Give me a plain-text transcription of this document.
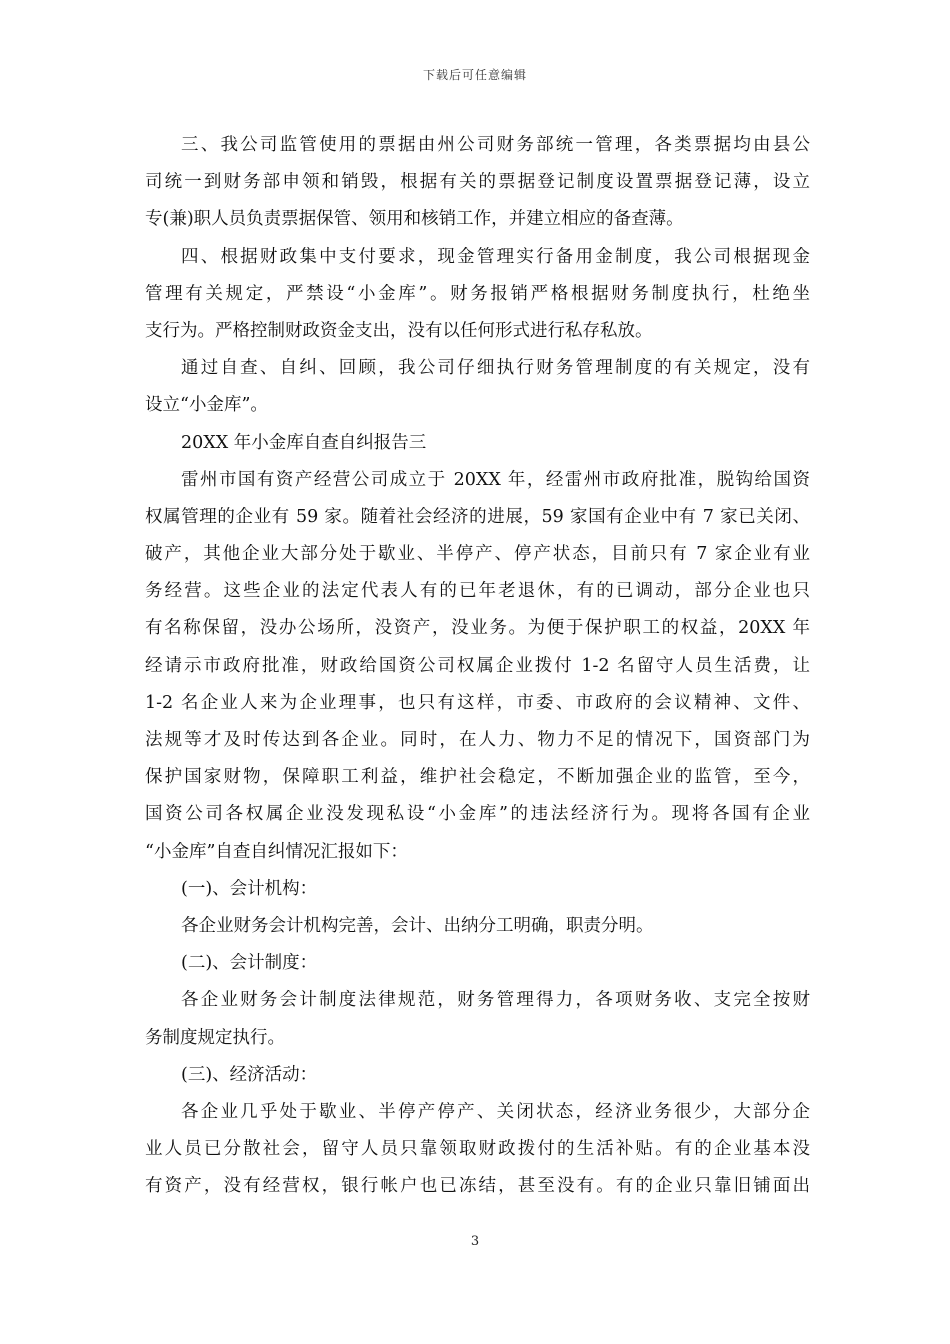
下载后可任意编辑
三、我公司监管使用的票据由州公司财务部统一管理，各类票据均由县公
司统一到财务部申领和销毁，根据有关的票据登记制度设置票据登记薄，设立
专(兼)职人员负责票据保管、领用和核销工作，并建立相应的备查薄。
四、根据财政集中支付要求，现金管理实行备用金制度，我公司根据现金
管理有关规定，严禁设“小金库”。财务报销严格根据财务制度执行，杜绝坐
支行为。严格控制财政资金支出，没有以任何形式进行私存私放。
通过自查、自纠、回顾，我公司仔细执行财务管理制度的有关规定，没有
设立“小金库”。
20XX 年小金库自查自纠报告三
雷州市国有资产经营公司成立于 20XX 年，经雷州市政府批准，脱钩给国资
权属管理的企业有 59 家。随着社会经济的进展，59 家国有企业中有 7 家已关闭、
破产，其他企业大部分处于歇业、半停产、停产状态，目前只有 7 家企业有业
务经营。这些企业的法定代表人有的已年老退休，有的已调动，部分企业也只
有名称保留，没办公场所，没资产，没业务。为便于保护职工的权益，20XX 年
经请示市政府批准，财政给国资公司权属企业拨付 1-2 名留守人员生活费，让
1-2 名企业人来为企业理事，也只有这样，市委、市政府的会议精神、文件、
法规等才及时传达到各企业。同时，在人力、物力不足的情况下，国资部门为
保护国家财物，保障职工利益，维护社会稳定，不断加强企业的监管，至今，
国资公司各权属企业没发现私设“小金库”的违法经济行为。现将各国有企业
“小金库”自查自纠情况汇报如下：
(一)、会计机构：
各企业财务会计机构完善，会计、出纳分工明确，职责分明。
(二)、会计制度：
各企业财务会计制度法律规范，财务管理得力，各项财务收、支完全按财
务制度规定执行。
(三)、经济活动：
各企业几乎处于歇业、半停产停产、关闭状态，经济业务很少，大部分企
业人员已分散社会，留守人员只靠领取财政拨付的生活补贴。有的企业基本没
有资产，没有经营权，银行帐户也已冻结，甚至没有。有的企业只靠旧铺面出
3
